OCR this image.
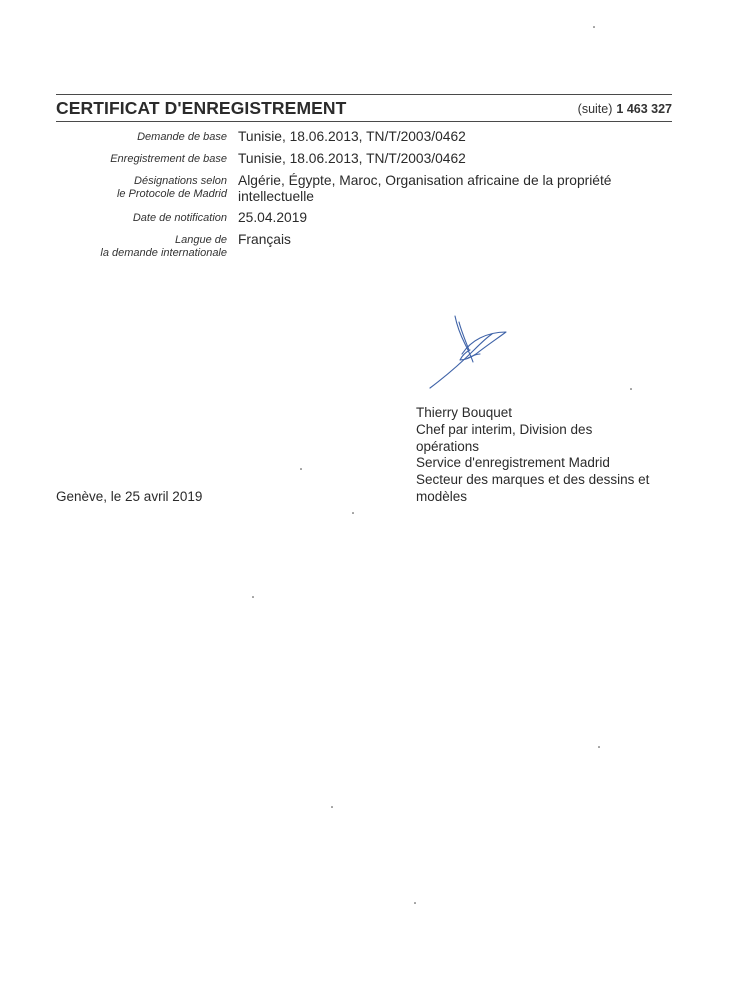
CERTIFICAT D'ENREGISTREMENT	(suite) 1 463 327
Demande de base Tunisie, 18.06.2013, TN/T/2003/0462
Enregistrement de base Tunisie, 18.06.2013, TN/T/2003/0462
Désignations selon
le Protocole de Madrid
Algérie, Égypte, Maroc, Organisation africaine de la propriété intellectuelle
Date de notification 25.04.2019
Langue de
la demande internationale
Français
Thierry Bouquet
Chef par interim, Division des
opérations
Service d'enregistrement Madrid
Secteur des marques et des dessins et
modèles
Genève, le 25 avril 2019
